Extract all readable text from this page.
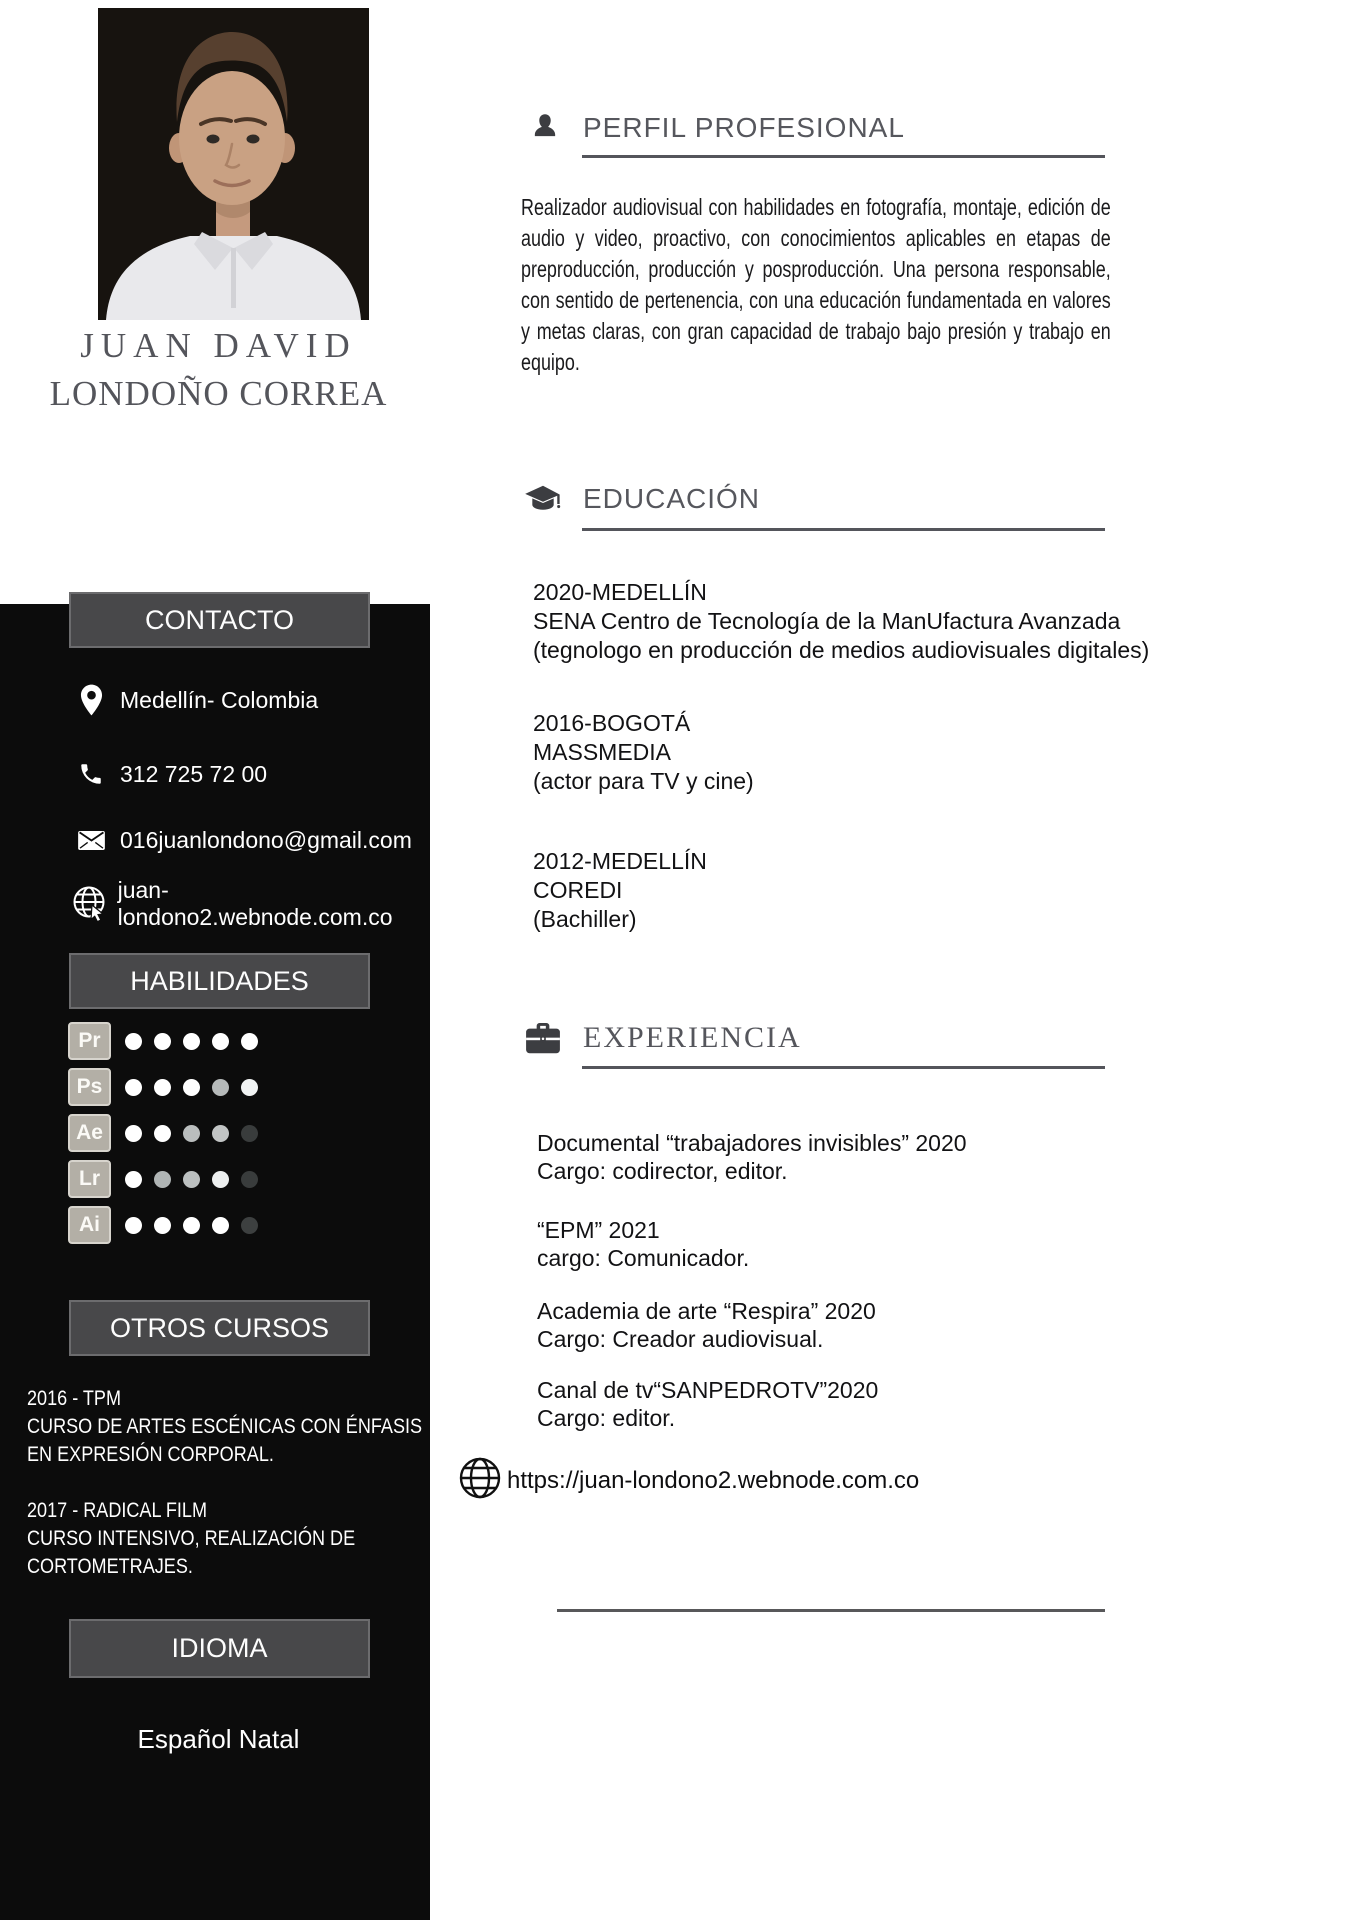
JUAN DAVID
LONDOÑO CORREA
CONTACTO
Medellín- Colombia
312 725 72 00
016juanlondono@gmail.com
juan-londono2.webnode.com.co
HABILIDADES
Pr
Ps
Ae
Lr
Ai
OTROS CURSOS
2016 - TPM
CURSO DE ARTES ESCÉNICAS CON ÉNFASIS
EN EXPRESIÓN CORPORAL.
2017 - RADICAL FILM
CURSO INTENSIVO, REALIZACIÓN DE
CORTOMETRAJES.
IDIOMA
Español Natal
PERFIL PROFESIONAL
Realizador audiovisual con habilidades en fotografía, montaje, edición de audio y video, proactivo, con conocimientos aplicables en etapas de preproducción, producción y posproducción. Una persona responsable, con sentido de pertenencia, con una educación fundamentada en valores y metas claras, con gran capacidad de trabajo bajo presión y trabajo en equipo.
EDUCACIÓN
2020-MEDELLÍN
SENA Centro de Tecnología de la ManUfactura Avanzada
(tegnologo en producción de medios audiovisuales digitales)
2016-BOGOTÁ
MASSMEDIA
(actor para TV y cine)
2012-MEDELLÍN
COREDI
(Bachiller)
EXPERIENCIA
Documental “trabajadores invisibles” 2020
Cargo: codirector, editor.
“EPM” 2021
cargo: Comunicador.
Academia de arte “Respira” 2020
Cargo: Creador audiovisual.
Canal de tv“SANPEDROTV”2020
Cargo: editor.
https://juan-londono2.webnode.com.co
